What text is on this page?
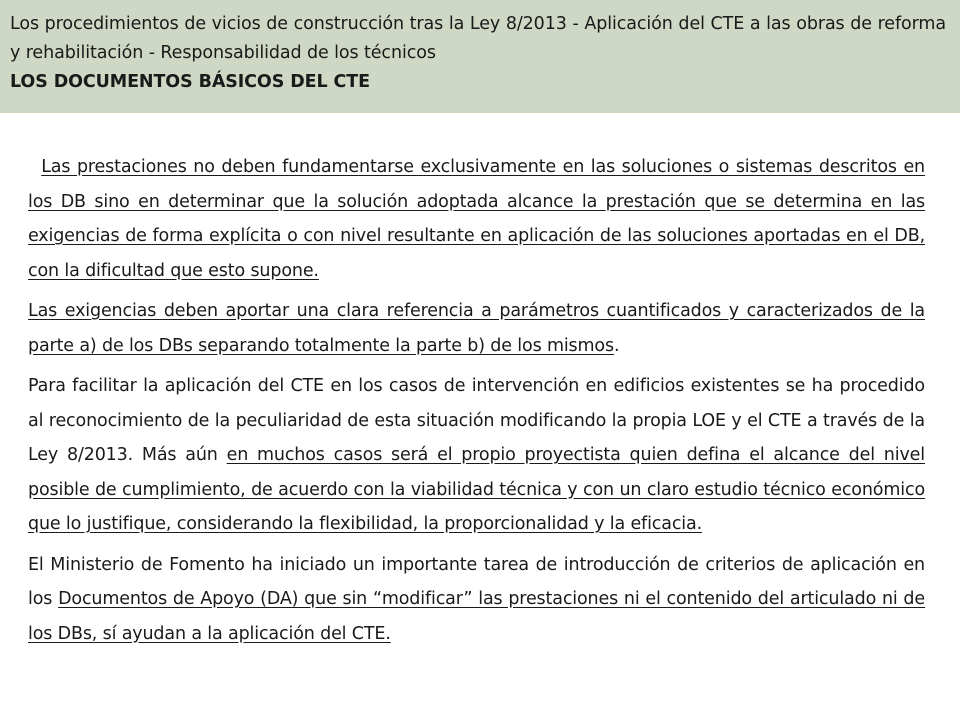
Los procedimientos de vicios de construcción tras la Ley 8/2013 - Aplicación del CTE a las obras de reforma y rehabilitación - Responsabilidad de los técnicos

LOS DOCUMENTOS BÁSICOS DEL CTE

Las prestaciones no deben fundamentarse exclusivamente en las soluciones o sistemas descritos en los DB sino en determinar que la solución adoptada alcance la prestación que se determina en las exigencias de forma explícita o con nivel resultante en aplicación de las soluciones aportadas en el DB, con la dificultad que esto supone.

Las exigencias deben aportar una clara referencia a parámetros cuantificados y caracterizados de la parte a) de los DBs separando totalmente la parte b) de los mismos.

Para facilitar la aplicación del CTE en los casos de intervención en edificios existentes se ha procedido al reconocimiento de la peculiaridad de esta situación modificando la propia LOE y el CTE a través de la Ley 8/2013. Más aún en muchos casos será el propio proyectista quien defina el alcance del nivel posible de cumplimiento, de acuerdo con la viabilidad técnica y con un claro estudio técnico económico que lo justifique, considerando la flexibilidad, la proporcionalidad y la eficacia.

El Ministerio de Fomento ha iniciado un importante tarea de introducción de criterios de aplicación en los Documentos de Apoyo (DA) que sin “modificar” las prestaciones ni el contenido del articulado ni de los DBs, sí ayudan a la aplicación del CTE.
